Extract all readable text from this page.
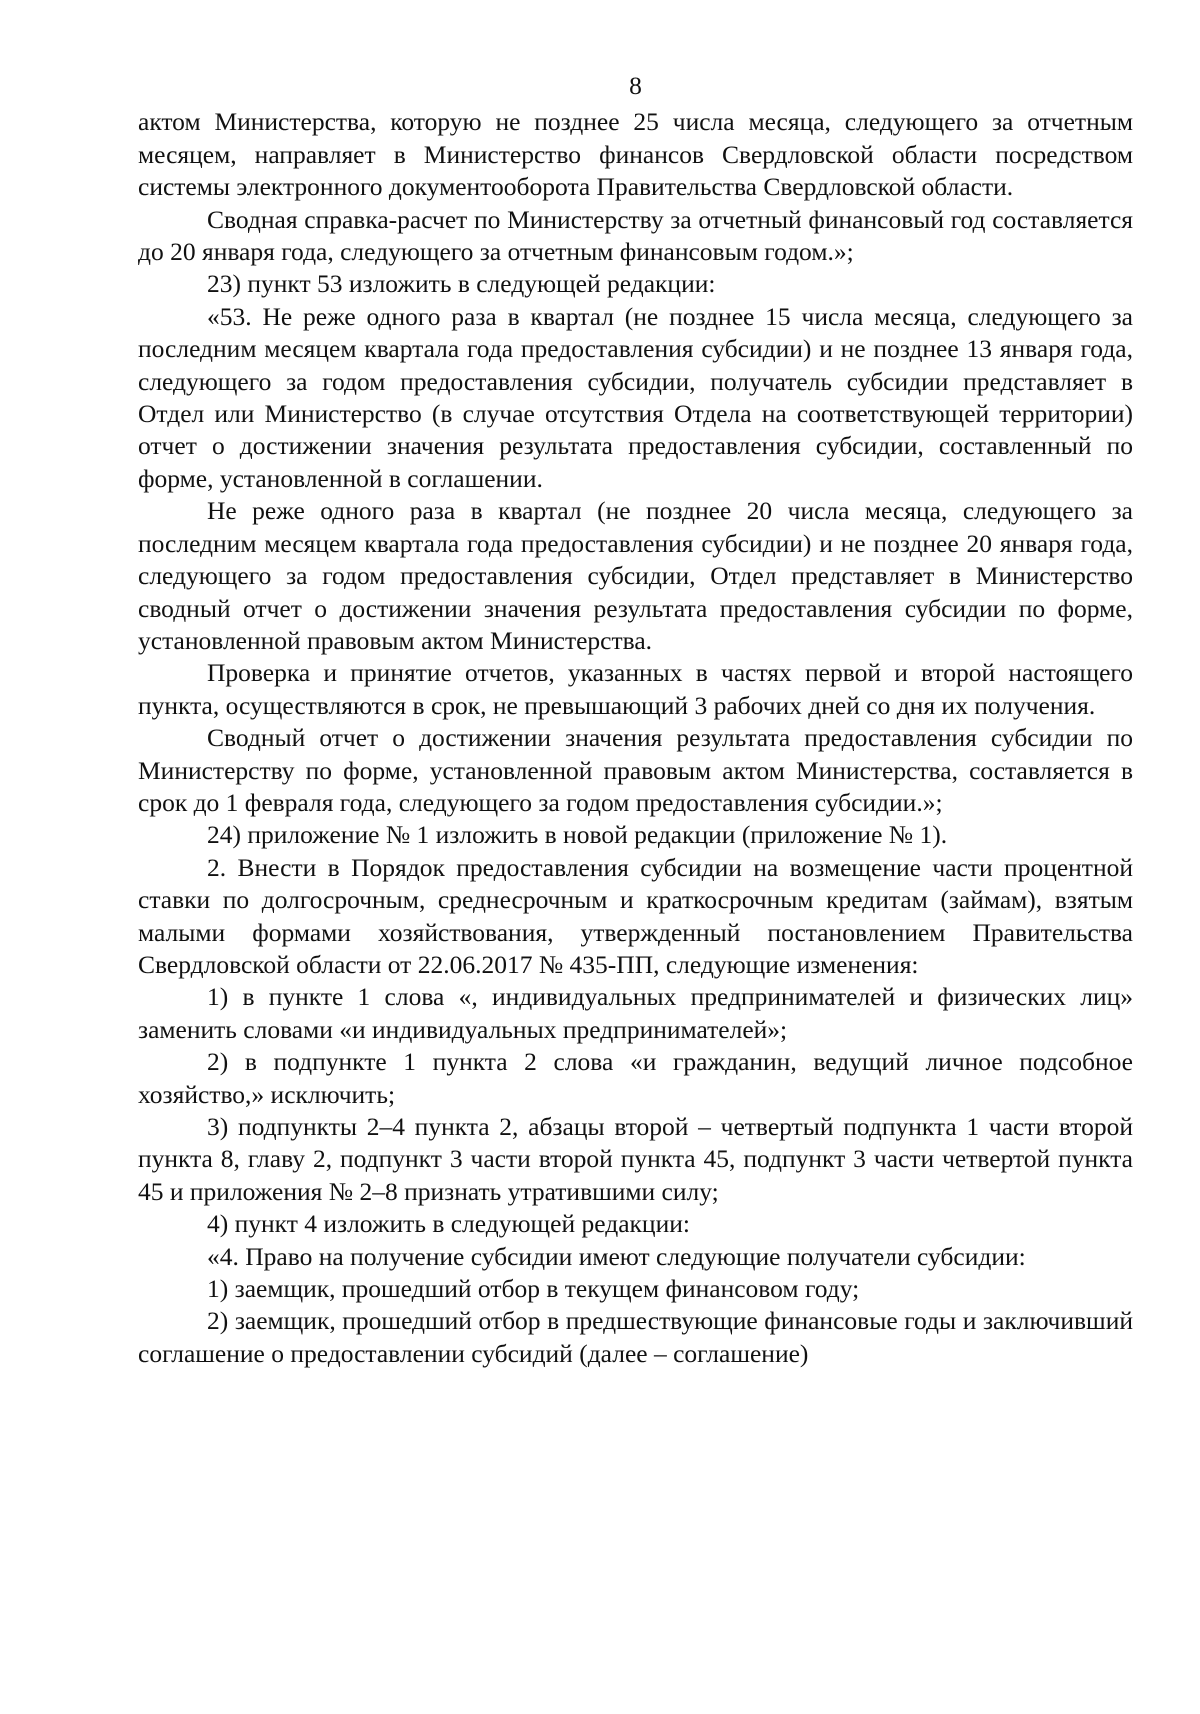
8

актом Министерства, которую не позднее 25 числа месяца, следующего за отчетным месяцем, направляет в Министерство финансов Свердловской области посредством системы электронного документооборота Правительства Свердловской области.

Сводная справка-расчет по Министерству за отчетный финансовый год составляется до 20 января года, следующего за отчетным финансовым годом.»;

23) пункт 53 изложить в следующей редакции:

«53. Не реже одного раза в квартал (не позднее 15 числа месяца, следующего за последним месяцем квартала года предоставления субсидии) и не позднее 13 января года, следующего за годом предоставления субсидии, получатель субсидии представляет в Отдел или Министерство (в случае отсутствия Отдела на соответствующей территории) отчет о достижении значения результата предоставления субсидии, составленный по форме, установленной в соглашении.

Не реже одного раза в квартал (не позднее 20 числа месяца, следующего за последним месяцем квартала года предоставления субсидии) и не позднее 20 января года, следующего за годом предоставления субсидии, Отдел представляет в Министерство сводный отчет о достижении значения результата предоставления субсидии по форме, установленной правовым актом Министерства.

Проверка и принятие отчетов, указанных в частях первой и второй настоящего пункта, осуществляются в срок, не превышающий 3 рабочих дней со дня их получения.

Сводный отчет о достижении значения результата предоставления субсидии по Министерству по форме, установленной правовым актом Министерства, составляется в срок до 1 февраля года, следующего за годом предоставления субсидии.»;

24) приложение № 1 изложить в новой редакции (приложение № 1).

2. Внести в Порядок предоставления субсидии на возмещение части процентной ставки по долгосрочным, среднесрочным и краткосрочным кредитам (займам), взятым малыми формами хозяйствования, утвержденный постановлением Правительства Свердловской области от 22.06.2017 № 435-ПП, следующие изменения:

1) в пункте 1 слова «, индивидуальных предпринимателей и физических лиц» заменить словами «и индивидуальных предпринимателей»;

2) в подпункте 1 пункта 2 слова «и гражданин, ведущий личное подсобное хозяйство,» исключить;

3) подпункты 2–4 пункта 2, абзацы второй – четвертый подпункта 1 части второй пункта 8, главу 2, подпункт 3 части второй пункта 45, подпункт 3 части четвертой пункта 45 и приложения № 2–8 признать утратившими силу;

4) пункт 4 изложить в следующей редакции:

«4. Право на получение субсидии имеют следующие получатели субсидии:

1) заемщик, прошедший отбор в текущем финансовом году;

2) заемщик, прошедший отбор в предшествующие финансовые годы и заключивший соглашение о предоставлении субсидий (далее – соглашение)
